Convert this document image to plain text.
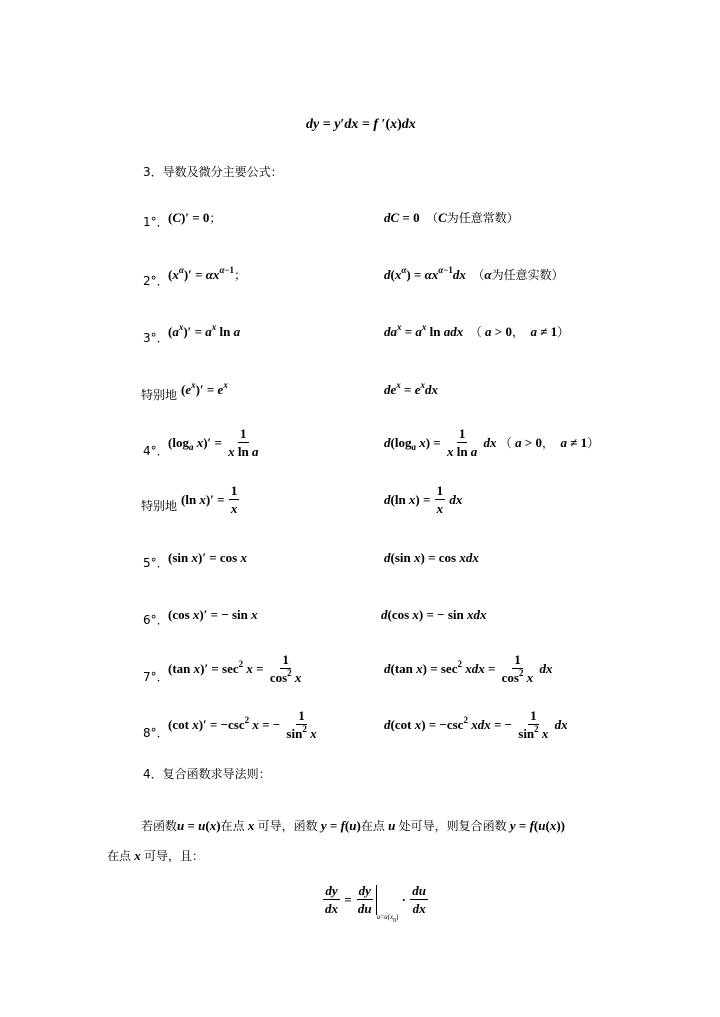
dy = y′dx = f ′(x)dx
3．导数及微分主要公式：
1°． (C)′ = 0；	dC = 0  （C为任意常数）
2°． $(x^\alpha)' = \alpha x^{\alpha-1}$；	$d(x^\alpha) = \alpha x^{\alpha-1}dx$ （α为任意实数）
3°． $(a^x)' = a^x$ ln a	$da^x = a^x$ ln adx （ a > 0， a ≠ 1）
特别地 $(e^x)' = e^x$	$de^x = e^xdx$
4°．
($\log_a$ $x)' = \frac{1}{\text{x ln a}}$	$d(\log_a$ $x) = \frac{1}{\text{x ln a}}$ dx （ a > 0， a ≠ 1）
特别地 (ln $x)' = \frac{1}{x}$	d(ln $x) = \frac{1}{x}$ dx
5°． (sin x)′ = cos x	d(sin x) = cos xdx
6°． (cos x)′ = − sin x	d(cos x) = − sin xdx
7°．
(tan $x)' = \sec^2 x = \frac{1}{\cos^2 x}$	d(tan $x) = \sec^2$ xdx = $\frac{1}{\cos^2 x}$ dx
8°．
(cot $x)' = -\csc^2$ x = − $\frac{1}{\sin^2 x}$	d(cot $x) = -\csc^2$ xdx = − $\frac{1}{\sin^2 x}$ dx
4．复合函数求导法则：
若函数u = u(x)在点 x 可导，函数 y = f(u)在点 u 处可导，则复合函数 y = f(u(x))
在点 x 可导，且：
$\frac{dy}{dx} = \frac{dy}{du}$
$_{u=u(x_0)} \cdot \frac{du}{dx}$
